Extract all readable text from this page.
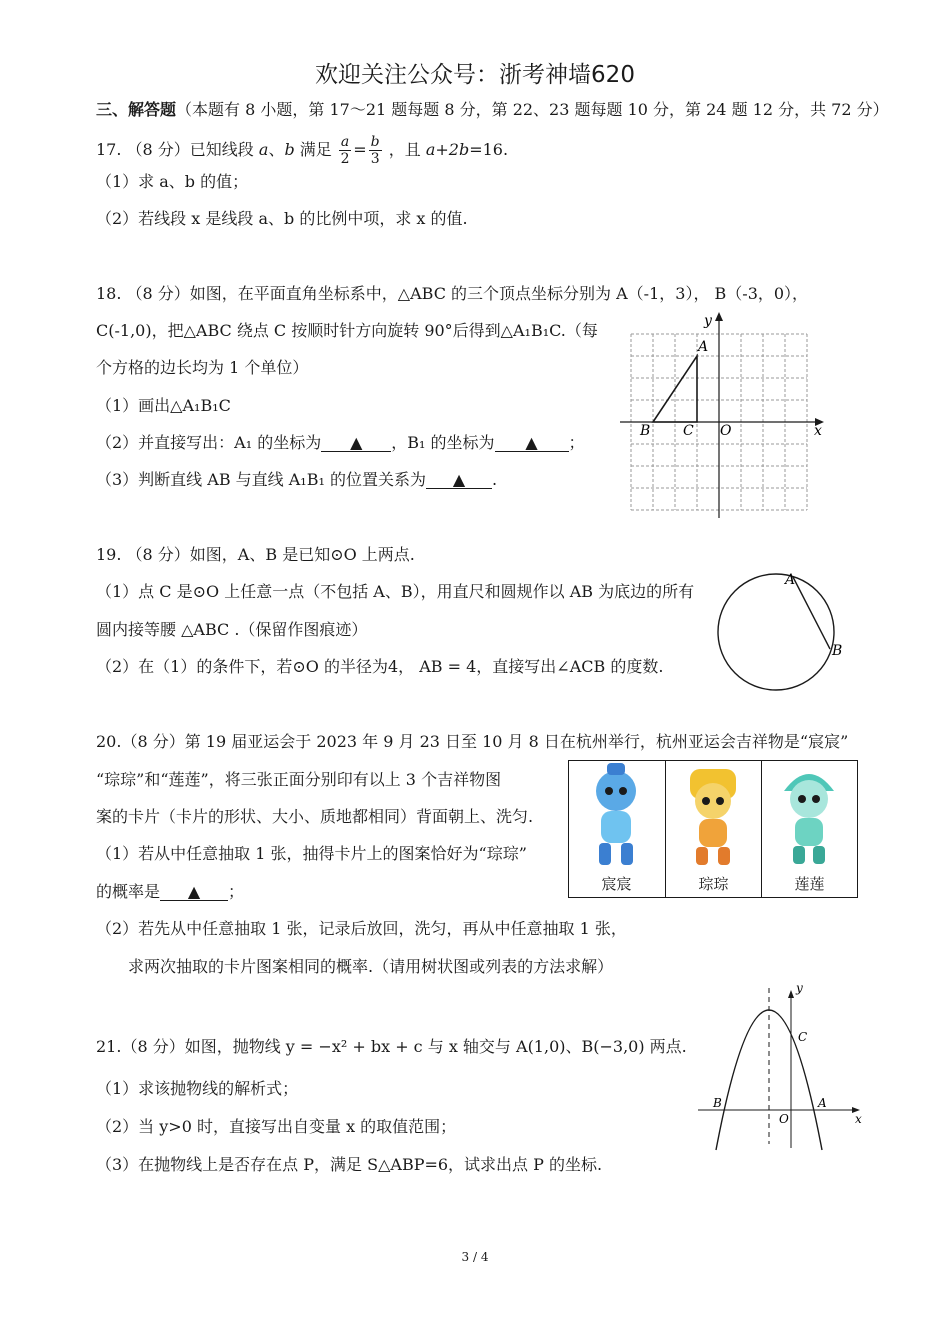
欢迎关注公众号：浙考神墙620
三、解答题（本题有 8 小题，第 17～21 题每题 8 分，第 22、23 题每题 10 分，第 24 题 12 分，共 72 分）
17. （8 分）已知线段 a、b 满足 $\frac{a}{2} = \frac{b}{3}$ ，且 a+2b=16.
（1）求 a、b 的值；
（2）若线段 x 是线段 a、b 的比例中项，求 x 的值.
18. （8 分）如图，在平面直角坐标系中，△ABC 的三个顶点坐标分别为 A（-1，3）， B（-3，0），
C(-1,0)，把△ABC 绕点 C 按顺时针方向旋转 90°后得到△A₁B₁C.（每
个方格的边长均为 1 个单位）
（1）画出△A₁B₁C
（2）并直接写出：A₁ 的坐标为 ▲ ，B₁ 的坐标为 ▲ ；
（3）判断直线 AB 与直线 A₁B₁ 的位置关系为 ▲ .
y
x
A
B C O
19. （8 分）如图，A、B 是已知⊙O 上两点.
（1）点 C 是⊙O 上任意一点（不包括 A、B），用直尺和圆规作以 AB 为底边的所有
圆内接等腰 △ABC .（保留作图痕迹）
（2）在（1）的条件下，若⊙O 的半径为4， AB = 4，直接写出∠ACB 的度数.
A
B
20.（8 分）第 19 届亚运会于 2023 年 9 月 23 日至 10 月 8 日在杭州举行，杭州亚运会吉祥物是“宸宸”
“琮琮”和“莲莲”，将三张正面分别印有以上 3 个吉祥物图
案的卡片（卡片的形状、大小、质地都相同）背面朝上、洗匀.
（1）若从中任意抽取 1 张，抽得卡片上的图案恰好为“琮琮”
的概率是 ▲ ；
（2）若先从中任意抽取 1 张，记录后放回，洗匀，再从中任意抽取 1 张，
求两次抽取的卡片图案相同的概率.（请用树状图或列表的方法求解）
宸宸	琮琮	莲莲
21.（8 分）如图，抛物线 y = −x² + bx + c 与 x 轴交与 A(1,0)、B(−3,0) 两点.
（1）求该抛物线的解析式；
（2）当 y>0 时，直接写出自变量 x 的取值范围；
（3）在抛物线上是否存在点 P，满足 S△ABP=6，试求出点 P 的坐标.
y
x
B
O
A
C
3 / 4
